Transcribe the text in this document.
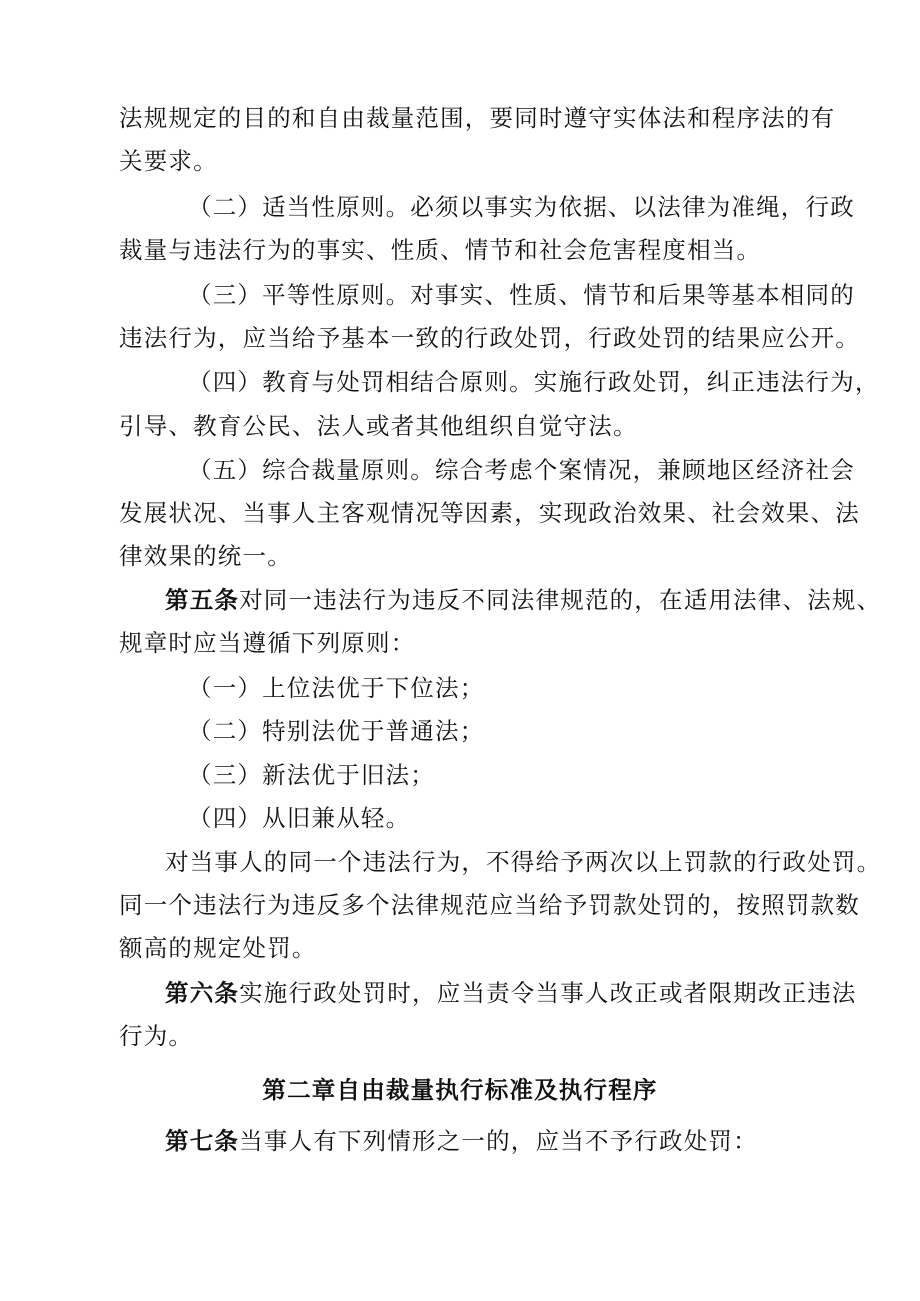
法规规定的目的和自由裁量范围，要同时遵守实体法和程序法的有
关要求。
（二）适当性原则。必须以事实为依据、以法律为准绳，行政
裁量与违法行为的事实、性质、情节和社会危害程度相当。
（三）平等性原则。对事实、性质、情节和后果等基本相同的
违法行为，应当给予基本一致的行政处罚，行政处罚的结果应公开。
（四）教育与处罚相结合原则。实施行政处罚，纠正违法行为，
引导、教育公民、法人或者其他组织自觉守法。
（五）综合裁量原则。综合考虑个案情况，兼顾地区经济社会
发展状况、当事人主客观情况等因素，实现政治效果、社会效果、法
律效果的统一。
第五条对同一违法行为违反不同法律规范的，在适用法律、法规、
规章时应当遵循下列原则：
（一）上位法优于下位法；
（二）特别法优于普通法；
（三）新法优于旧法；
（四）从旧兼从轻。
对当事人的同一个违法行为，不得给予两次以上罚款的行政处罚。
同一个违法行为违反多个法律规范应当给予罚款处罚的，按照罚款数
额高的规定处罚。
第六条实施行政处罚时，应当责令当事人改正或者限期改正违法
行为。
第二章自由裁量执行标准及执行程序
第七条当事人有下列情形之一的，应当不予行政处罚：
